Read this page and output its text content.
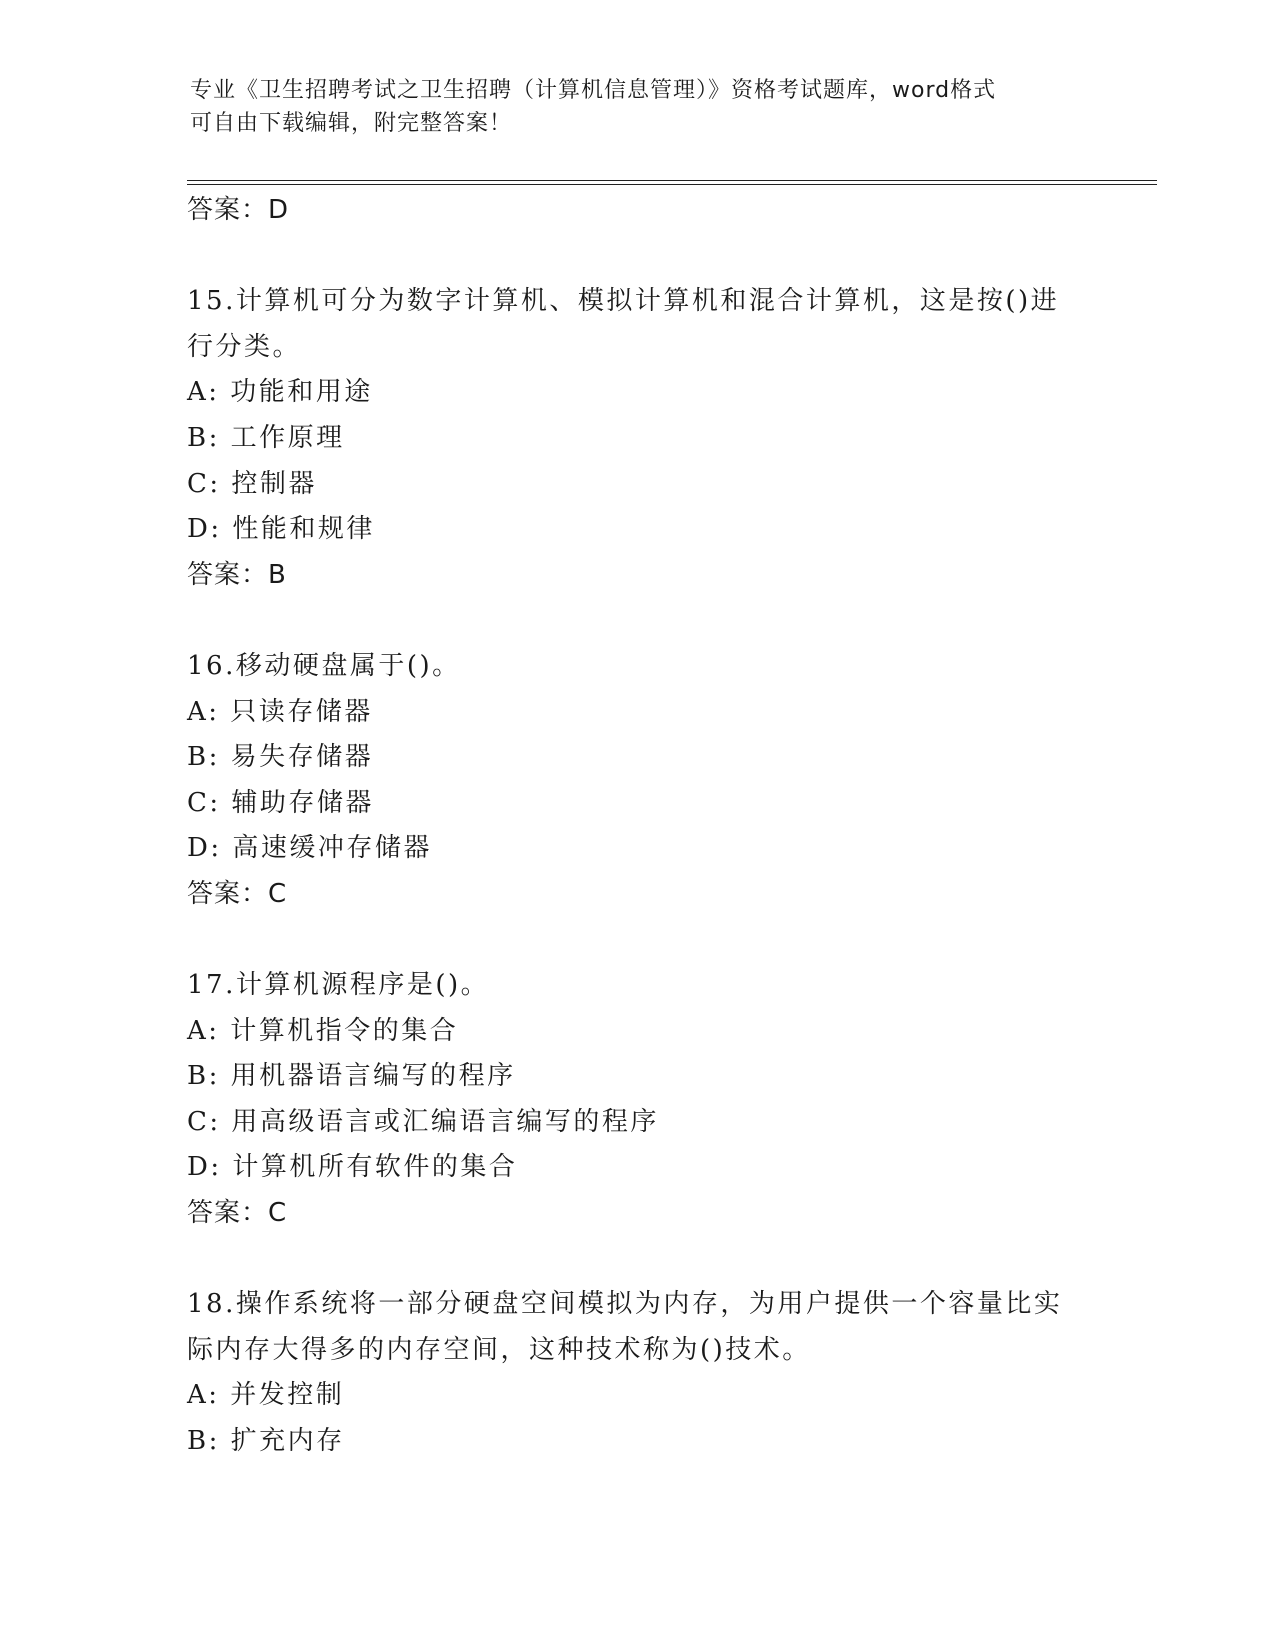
专业《卫生招聘考试之卫生招聘（计算机信息管理）》资格考试题库，word格式
可自由下载编辑，附完整答案！
答案：D
15.计算机可分为数字计算机、模拟计算机和混合计算机，这是按()进
行分类。
A: 功能和用途
B: 工作原理
C: 控制器
D: 性能和规律
答案：B
16.移动硬盘属于()。
A: 只读存储器
B: 易失存储器
C: 辅助存储器
D: 高速缓冲存储器
答案：C
17.计算机源程序是()。
A: 计算机指令的集合
B: 用机器语言编写的程序
C: 用高级语言或汇编语言编写的程序
D: 计算机所有软件的集合
答案：C
18.操作系统将一部分硬盘空间模拟为内存，为用户提供一个容量比实
际内存大得多的内存空间，这种技术称为()技术。
A: 并发控制
B: 扩充内存
